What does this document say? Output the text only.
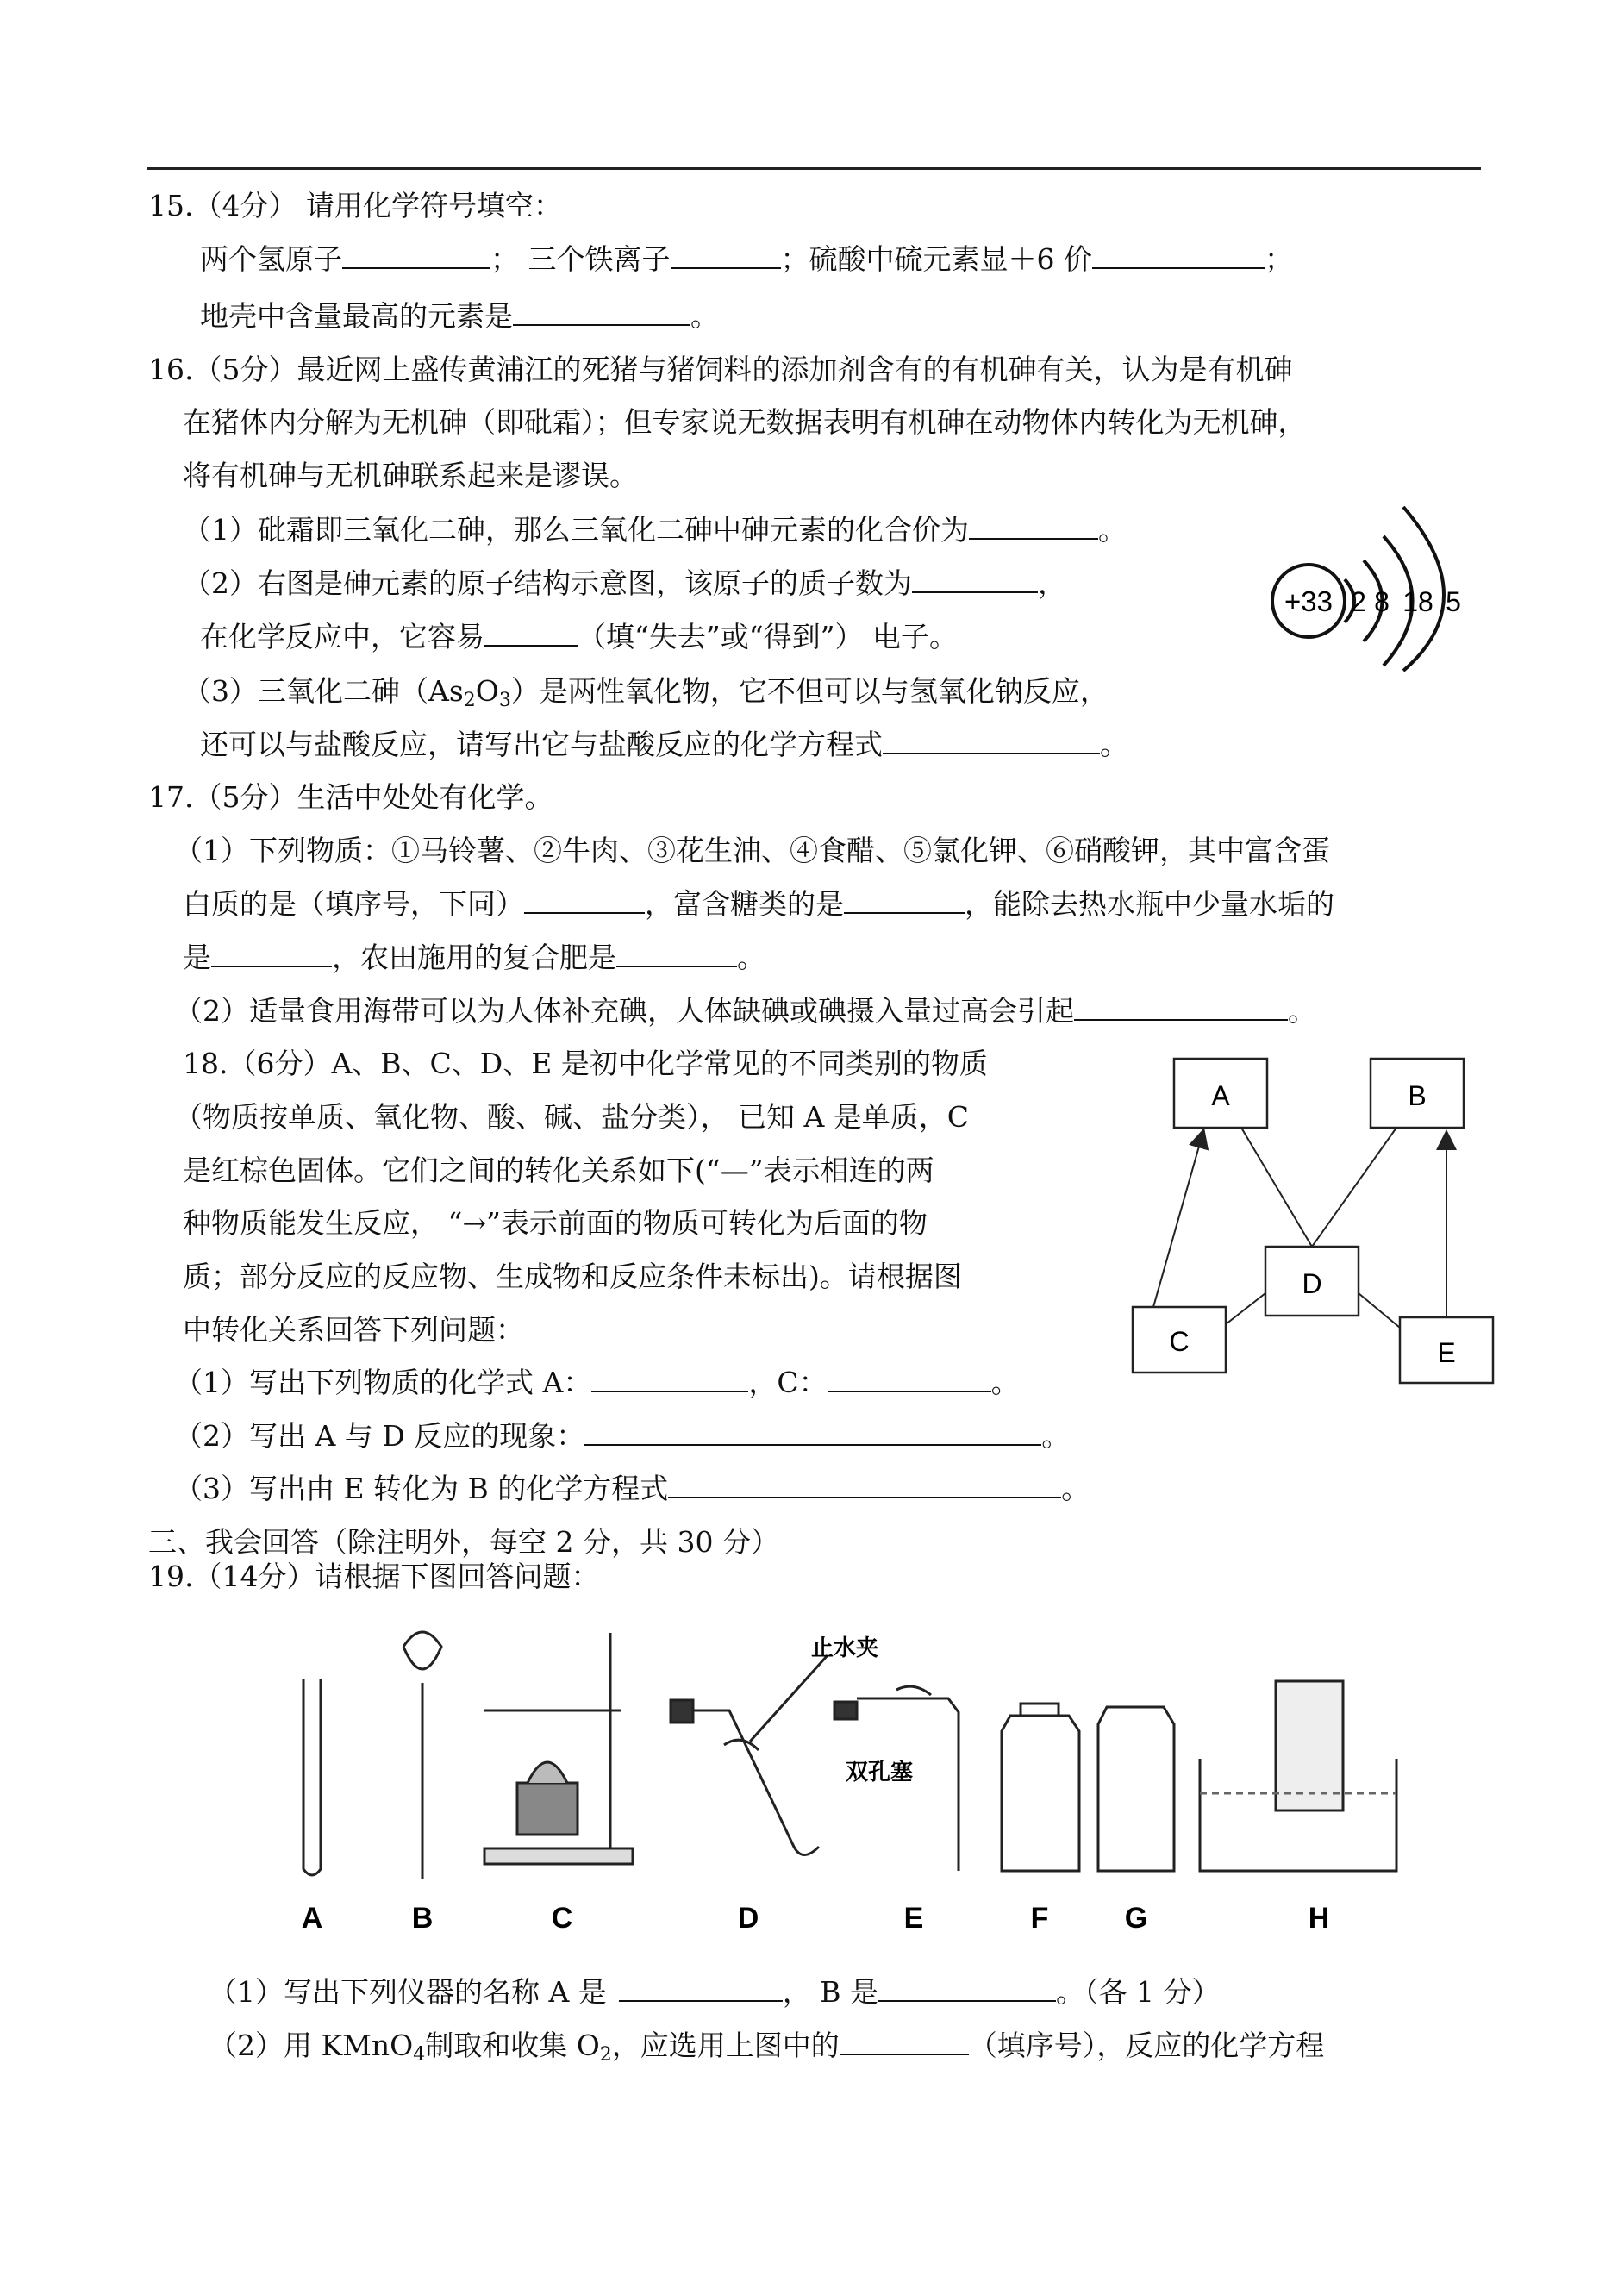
15.（4分） 请用化学符号填空：
两个氢原子	； 三个铁离子	；硫酸中硫元素显＋6 价	；
地壳中含量最高的元素是	。
16.（5分）最近网上盛传黄浦江的死猪与猪饲料的添加剂含有的有机砷有关，认为是有机砷
在猪体内分解为无机砷（即砒霜）；但专家说无数据表明有机砷在动物体内转化为无机砷，
将有机砷与无机砷联系起来是谬误。
（1）砒霜即三氧化二砷，那么三氧化二砷中砷元素的化合价为	。
（2）右图是砷元素的原子结构示意图，该原子的质子数为	，
在化学反应中，它容易	（填“失去”或“得到”） 电子。
（3）三氧化二砷$(As_2O_3)$是两性氧化物，它不但可以与氢氧化钠反应，
还可以与盐酸反应，请写出它与盐酸反应的化学方程式	。
+33 2 8 18 5
17.（5分）生活中处处有化学。
（1）下列物质：①马铃薯、②牛肉、③花生油、④食醋、⑤氯化钾、⑥硝酸钾，其中富含蛋
白质的是（填序号，下同）	，富含糖类的是	，能除去热水瓶中少量水垢的
是	，农田施用的复合肥是	。
（2）适量食用海带可以为人体补充碘，人体缺碘或碘摄入量过高会引起	。
18.（6分）A、B、C、D、E 是初中化学常见的不同类别的物质
（物质按单质、氧化物、酸、碱、盐分类）， 已知 A 是单质，C
是红棕色固体。它们之间的转化关系如下(“—”表示相连的两
种物质能发生反应， “→”表示前面的物质可转化为后面的物
质；部分反应的反应物、生成物和反应条件未标出)。请根据图
中转化关系回答下列问题：
（1）写出下列物质的化学式 A：	，C：	。
（2）写出 A 与 D 反应的现象：	。
（3）写出由 E 转化为 B 的化学方程式	。
A	B
C
D
E
三、我会回答（除注明外，每空 2 分，共 30 分）
19.（14分）请根据下图回答问题：
止水夹
双孔塞
A	B	C	D	E	F	G	H
（1）写出下列仪器的名称 A 是	， B 是	。（各 1 分）
（2）用 KMnO$_4$制取和收集 $O_2$，应选用上图中的	（填序号），反应的化学方程
